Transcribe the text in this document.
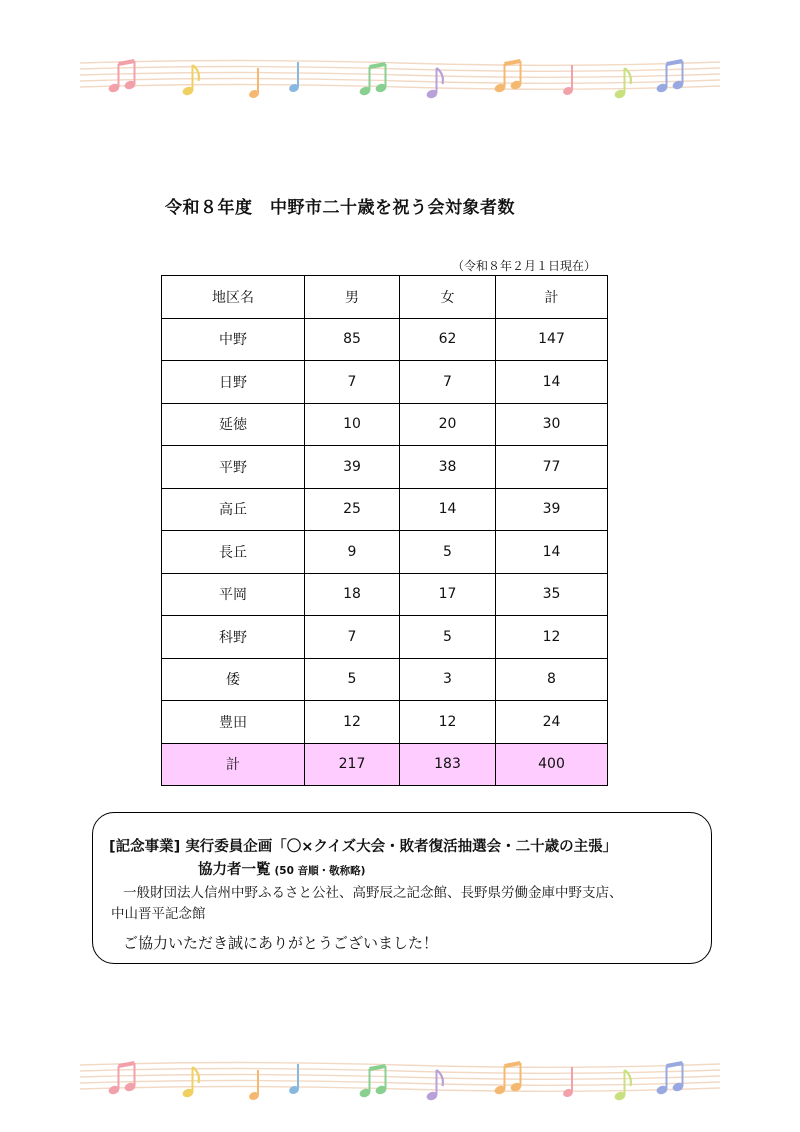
令和８年度　中野市二十歳を祝う会対象者数
（令和８年２月１日現在）
地区名	男	女	計
中野	85	62	147
日野	7	7	14
延徳	10	20	30
平野	39	38	77
高丘	25	14	39
長丘	9	5	14
平岡	18	17	35
科野	7	5	12
倭	5	3	8
豊田	12	12	24
計	217	183	400
[記念事業] 実行委員企画「〇×クイズ大会・敗者復活抽選会・二十歳の主張」
協力者一覧 (50 音順・敬称略)
一般財団法人信州中野ふるさと公社、高野辰之記念館、長野県労働金庫中野支店、
中山晋平記念館
ご協力いただき誠にありがとうございました！
